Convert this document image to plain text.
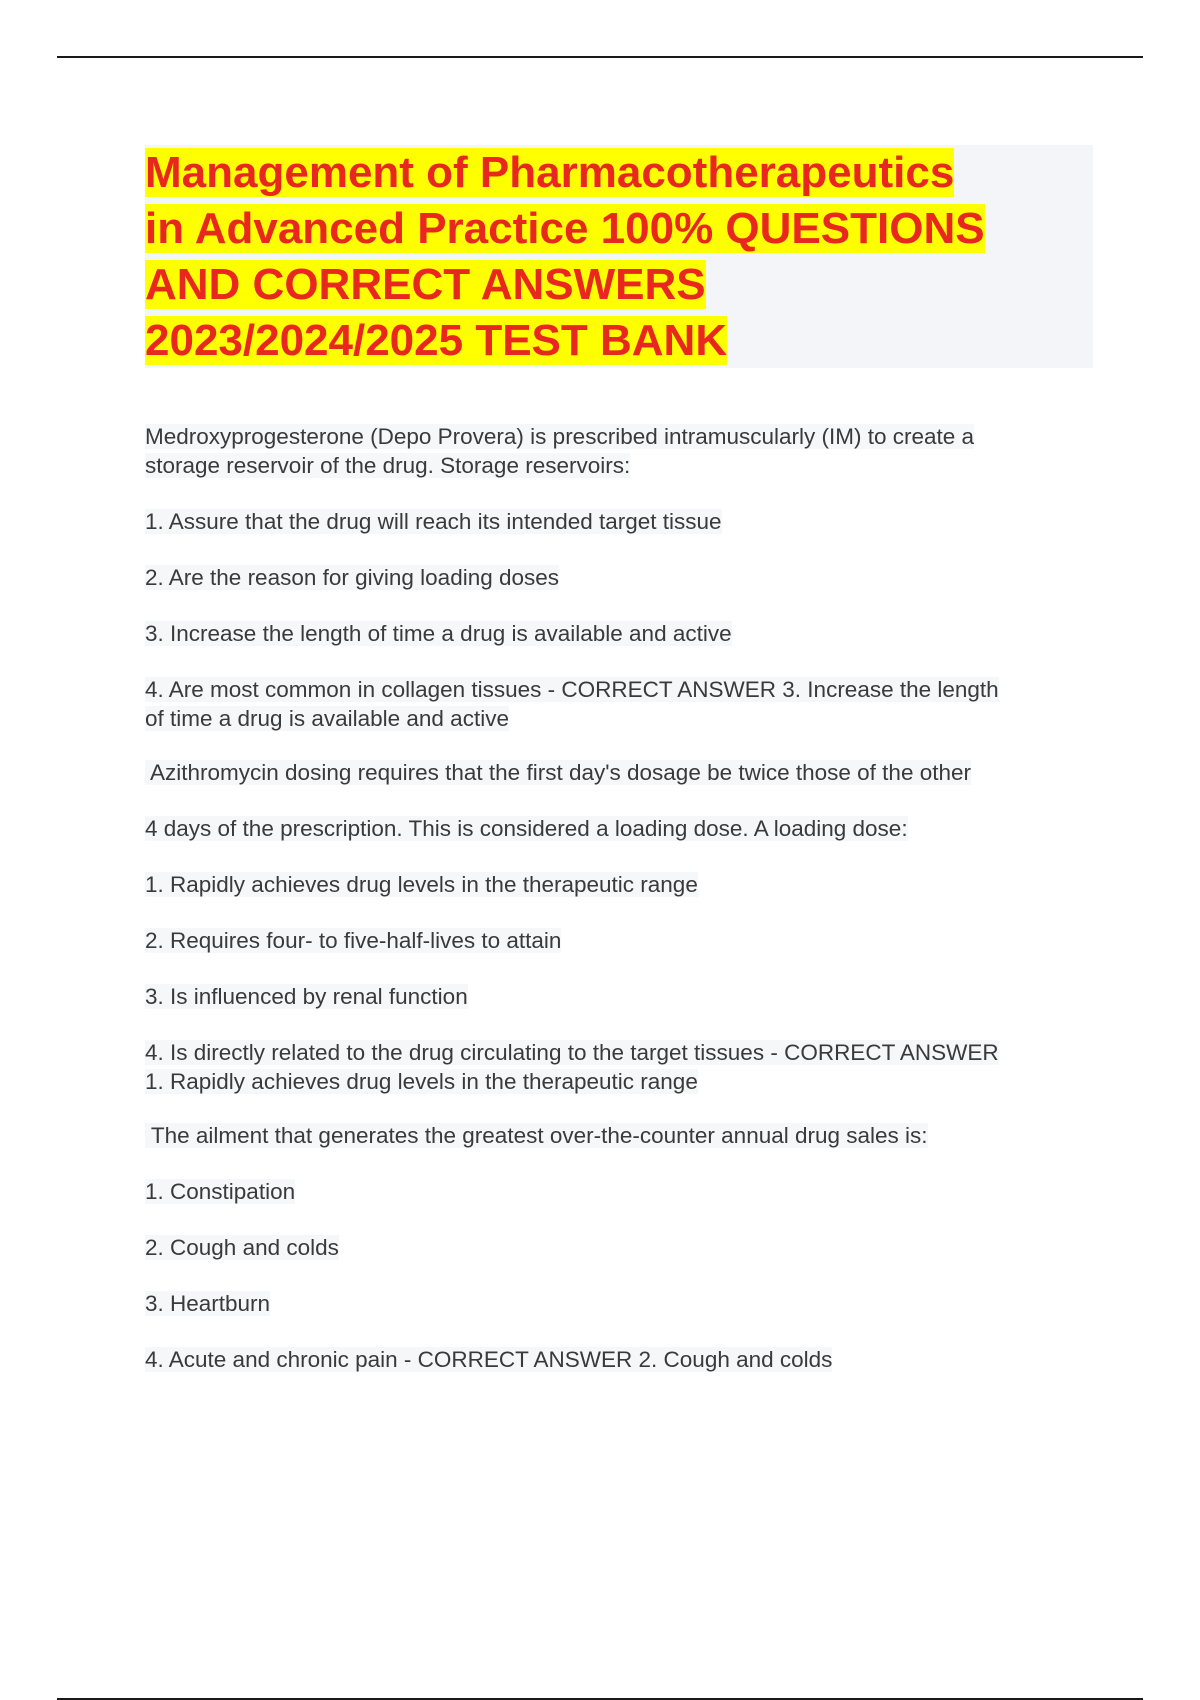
Management of Pharmacotherapeutics
in Advanced Practice 100% QUESTIONS
AND CORRECT ANSWERS
2023/2024/2025 TEST BANK
Medroxyprogesterone (Depo Provera) is prescribed intramuscularly (IM) to create a
storage reservoir of the drug. Storage reservoirs:
1. Assure that the drug will reach its intended target tissue
2. Are the reason for giving loading doses
3. Increase the length of time a drug is available and active
4. Are most common in collagen tissues - CORRECT ANSWER 3. Increase the length
of time a drug is available and active
Azithromycin dosing requires that the first day's dosage be twice those of the other
4 days of the prescription. This is considered a loading dose. A loading dose:
1. Rapidly achieves drug levels in the therapeutic range
2. Requires four- to five-half-lives to attain
3. Is influenced by renal function
4. Is directly related to the drug circulating to the target tissues - CORRECT ANSWER
1. Rapidly achieves drug levels in the therapeutic range
The ailment that generates the greatest over-the-counter annual drug sales is:
1. Constipation
2. Cough and colds
3. Heartburn
4. Acute and chronic pain - CORRECT ANSWER 2. Cough and colds
